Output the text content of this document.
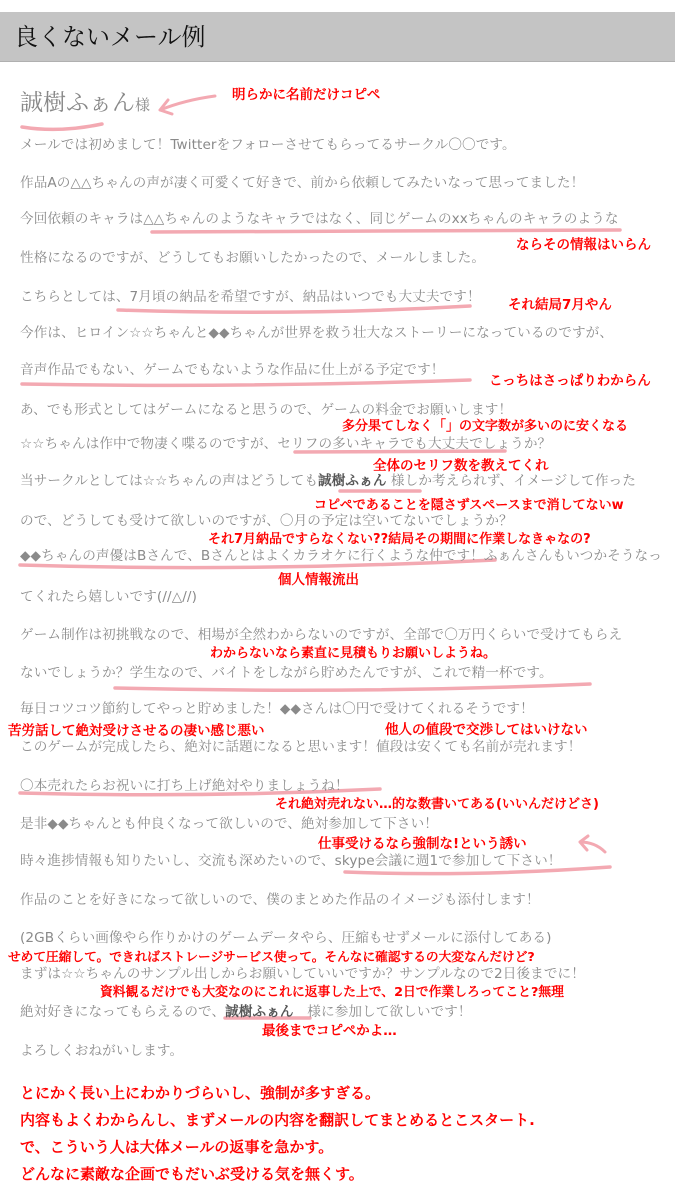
良くないメール例
誠樹ふぁん様
メールでは初めまして！Twitterをフォローさせてもらってるサークル〇〇です。
作品Aの△△ちゃんの声が凄く可愛くて好きで、前から依頼してみたいなって思ってました！
今回依頼のキャラは△△ちゃんのようなキャラではなく、同じゲームのxxちゃんのキャラのような
性格になるのですが、どうしてもお願いしたかったので、メールしました。
こちらとしては、7月頃の納品を希望ですが、納品はいつでも大丈夫です！
今作は、ヒロイン☆☆ちゃんと◆◆ちゃんが世界を救う壮大なストーリーになっているのですが、
音声作品でもない、ゲームでもないような作品に仕上がる予定です！
あ、でも形式としてはゲームになると思うので、ゲームの料金でお願いします！
☆☆ちゃんは作中で物凄く喋るのですが、セリフの多いキャラでも大丈夫でしょうか？
当サークルとしては☆☆ちゃんの声はどうしても誠樹ふぁん 様しか考えられず、イメージして作った
ので、どうしても受けて欲しいのですが、〇月の予定は空いてないでしょうか？
◆◆ちゃんの声優はBさんで、Bさんとはよくカラオケに行くような仲です！ふぁんさんもいつかそうなっ
てくれたら嬉しいです(//△//)
ゲーム制作は初挑戦なので、相場が全然わからないのですが、全部で〇万円くらいで受けてもらえ
ないでしょうか？学生なので、バイトをしながら貯めたんですが、これで精一杯です。
毎日コツコツ節約してやっと貯めました！◆◆さんは〇円で受けてくれるそうです！
このゲームが完成したら、絶対に話題になると思います！値段は安くても名前が売れます！
〇本売れたらお祝いに打ち上げ絶対やりましょうね！
是非◆◆ちゃんとも仲良くなって欲しいので、絶対参加して下さい！
時々進捗情報も知りたいし、交流も深めたいので、skype会議に週1で参加して下さい！
作品のことを好きになって欲しいので、僕のまとめた作品のイメージも添付します！
(2GBくらい画像やら作りかけのゲームデータやら、圧縮もせずメールに添付してある)
まずは☆☆ちゃんのサンプル出しからお願いしていいですか？サンプルなので2日後までに！
絶対好きになってもらえるので、誠樹ふぁん　様に参加して欲しいです！
よろしくおねがいします。
明らかに名前だけコピペ
ならその情報はいらん
それ結局7月やん
こっちはさっぱりわからん
多分果てしなく「」の文字数が多いのに安くなる
全体のセリフ数を教えてくれ
コピペであることを隠さずスペースまで消してないw
それ7月納品ですらなくない??結局その期間に作業しなきゃなの?
個人情報流出
わからないなら素直に見積もりお願いしようね。
苦労話して絶対受けさせるの凄い感じ悪い	他人の値段で交渉してはいけない
それ絶対売れない…的な数書いてある(いいんだけどさ)
仕事受けるなら強制な!という誘い
せめて圧縮して。できればストレージサービス使って。そんなに確認するの大変なんだけど?
資料観るだけでも大変なのにこれに返事した上で、2日で作業しろってこと?無理
最後までコピペかよ…
とにかく長い上にわかりづらいし、強制が多すぎる。
内容もよくわからんし、まずメールの内容を翻訳してまとめるとこスタート.
で、こういう人は大体メールの返事を急かす。
どんなに素敵な企画でもだいぶ受ける気を無くす。
